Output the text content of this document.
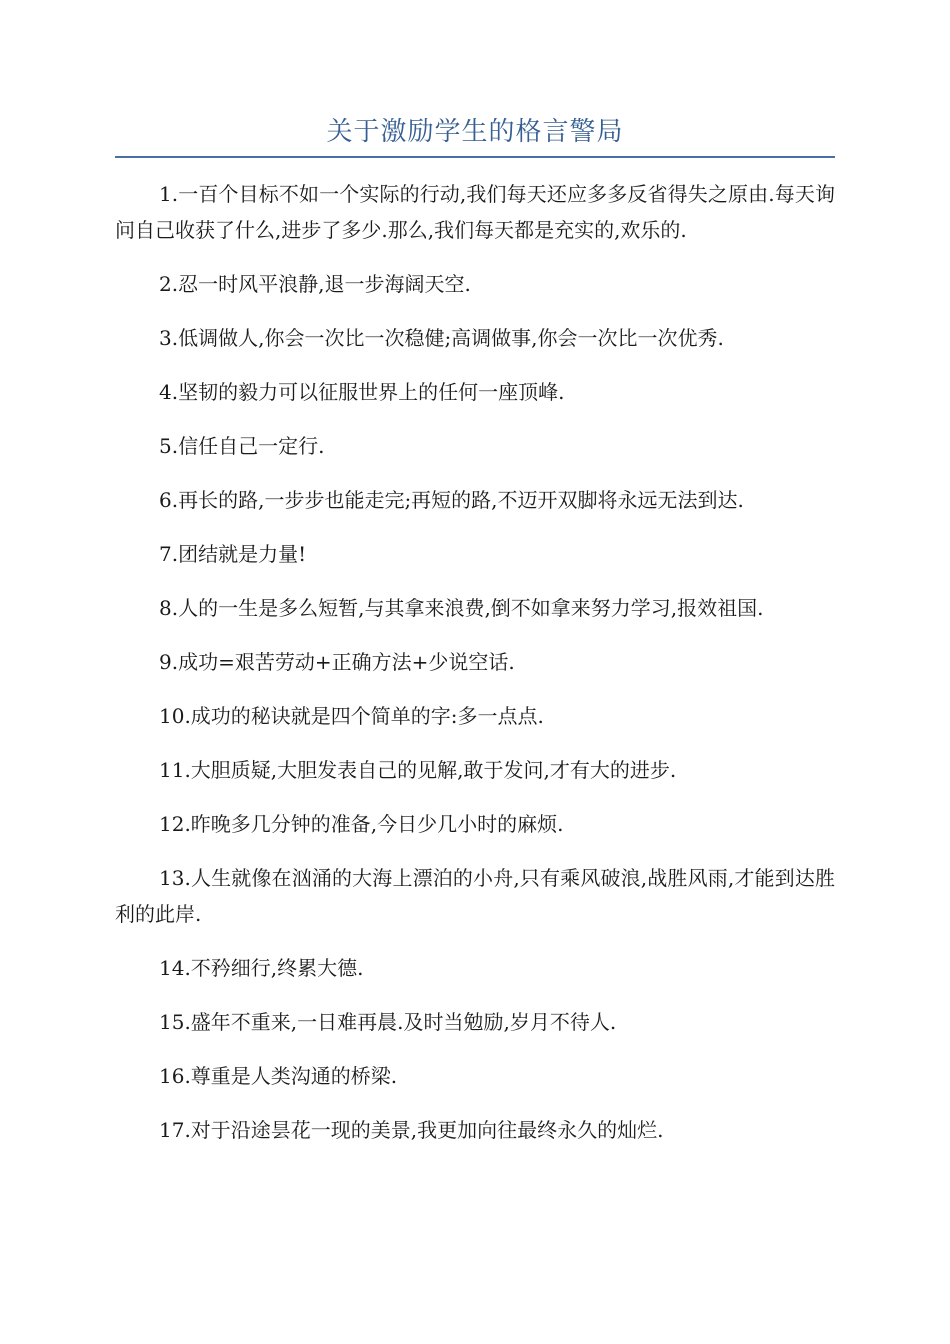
关于激励学生的格言警局

1.一百个目标不如一个实际的行动,我们每天还应多多反省得失之原由.每天询问自己收获了什么,进步了多少.那么,我们每天都是充实的,欢乐的.

2.忍一时风平浪静,退一步海阔天空.

3.低调做人,你会一次比一次稳健;高调做事,你会一次比一次优秀.

4.坚韧的毅力可以征服世界上的任何一座顶峰.

5.信任自己一定行.

6.再长的路,一步步也能走完;再短的路,不迈开双脚将永远无法到达.

7.团结就是力量!

8.人的一生是多么短暂,与其拿来浪费,倒不如拿来努力学习,报效祖国.

9.成功=艰苦劳动+正确方法+少说空话.

10.成功的秘诀就是四个简单的字:多一点点.

11.大胆质疑,大胆发表自己的见解,敢于发问,才有大的进步.

12.昨晚多几分钟的准备,今日少几小时的麻烦.

13.人生就像在汹涌的大海上漂泊的小舟,只有乘风破浪,战胜风雨,才能到达胜利的此岸.

14.不矜细行,终累大德.

15.盛年不重来,一日难再晨.及时当勉励,岁月不待人.

16.尊重是人类沟通的桥梁.

17.对于沿途昙花一现的美景,我更加向往最终永久的灿烂.
